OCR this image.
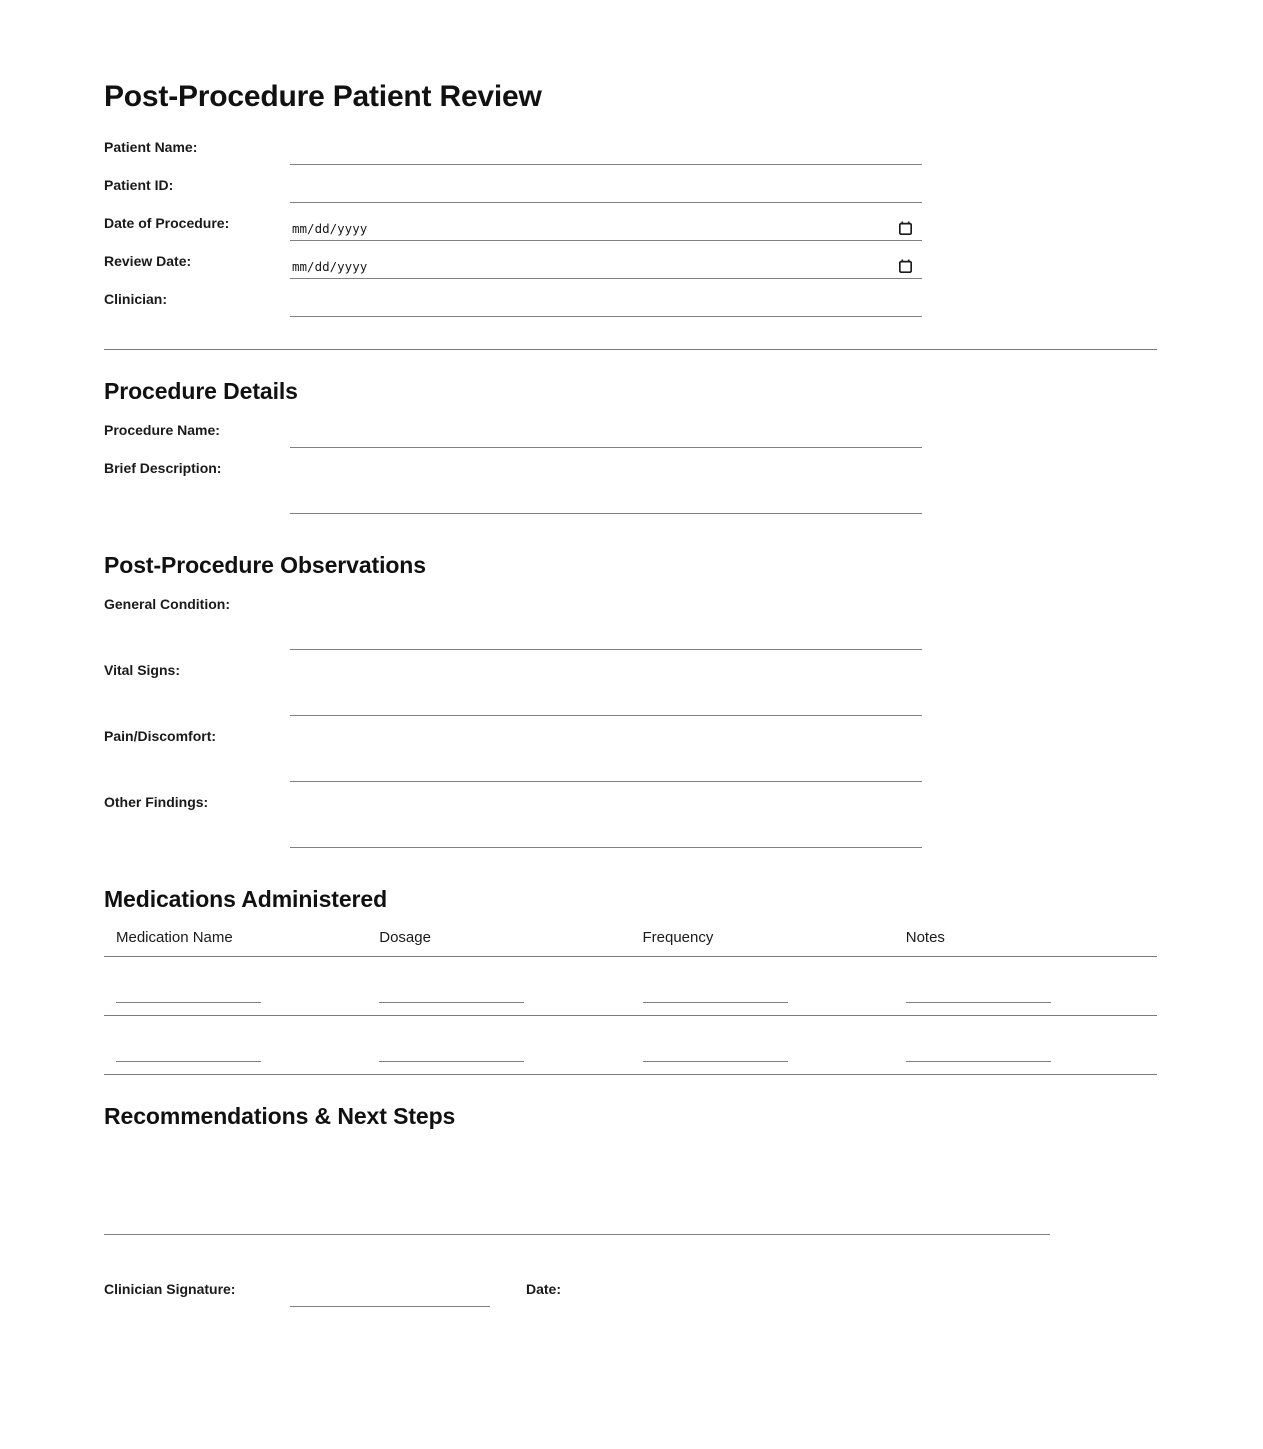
Post-Procedure Patient Review
Patient Name:
Patient ID:
Date of Procedure:	mm/dd/yyyy
Review Date:	mm/dd/yyyy
Clinician:
Procedure Details
Procedure Name:
Brief Description:
Post-Procedure Observations
General Condition:
Vital Signs:
Pain/Discomfort:
Other Findings:
Medications Administered
Medication Name	Dosage	Frequency	Notes

Recommendations & Next Steps
Clinician Signature:	Date:
